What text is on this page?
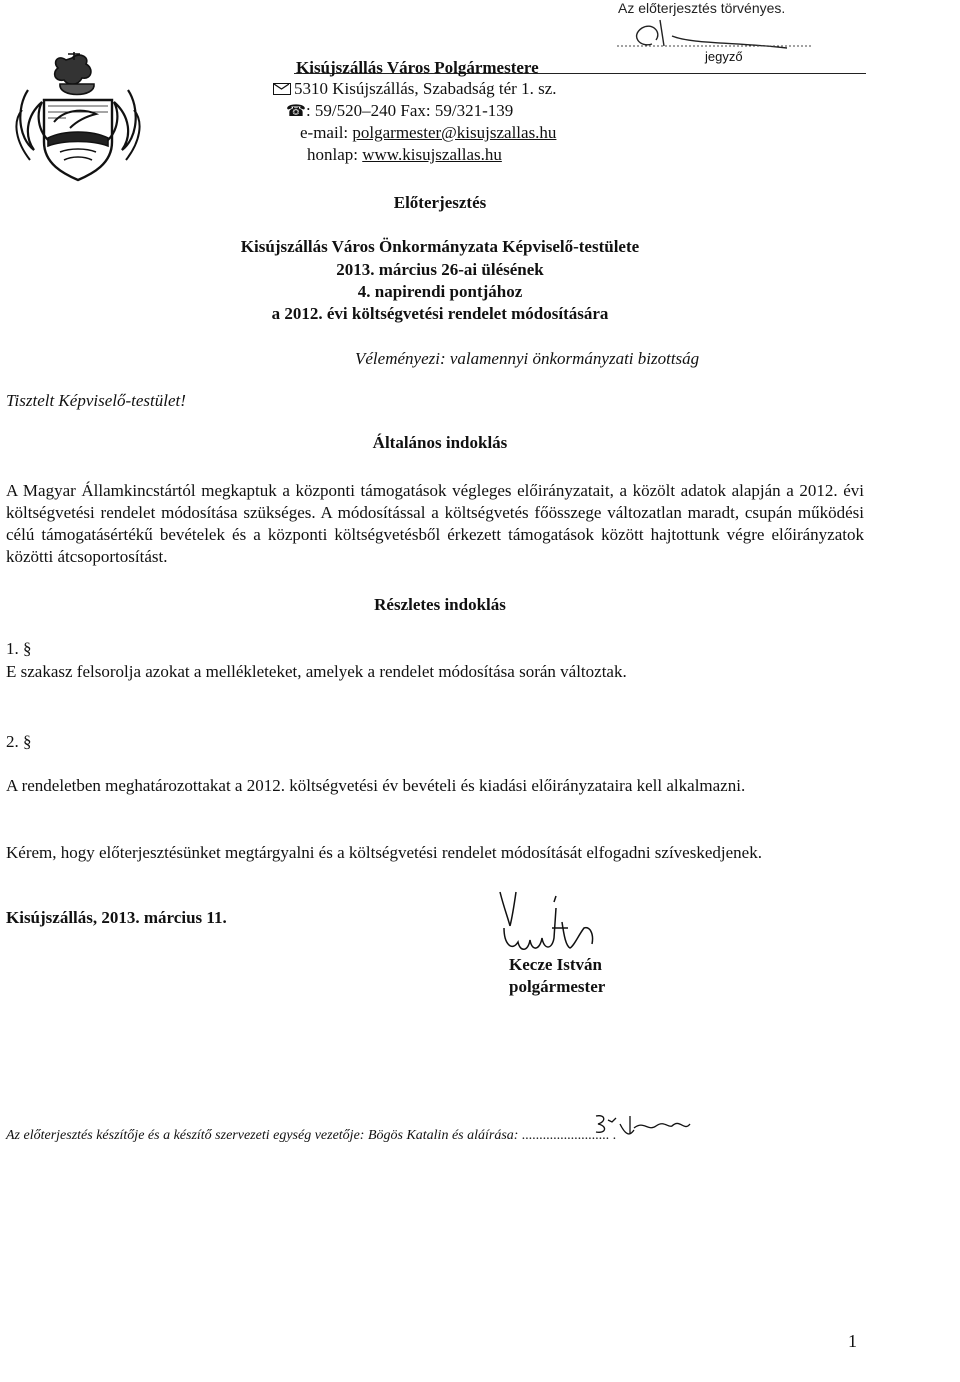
Az előterjesztés törvényes.
jegyző
Kisújszállás Város Polgármestere
5310 Kisújszállás, Szabadság tér 1. sz.
☎: 59/520–240 Fax: 59/321-139
e-mail: polgarmester@kisujszallas.hu
honlap: www.kisujszallas.hu
Előterjesztés
Kisújszállás Város Önkormányzata Képviselő-testülete
2013. március 26-ai ülésének
4. napirendi pontjához
a 2012. évi költségvetési rendelet módosítására
Véleményezi: valamennyi önkormányzati bizottság
Tisztelt Képviselő-testület!
Általános indoklás
A Magyar Államkincstártól megkaptuk a központi támogatások végleges előirányzatait, a közölt adatok alapján a 2012. évi költségvetési rendelet módosítása szükséges. A módosítással a költségvetés főösszege változatlan maradt, csupán működési célú támogatásértékű bevételek és a központi költségvetésből érkezett támogatások között hajtottunk végre előirányzatok közötti átcsoportosítást.
Részletes indoklás
1. §
E szakasz felsorolja azokat a mellékleteket, amelyek a rendelet módosítása során változtak.
2. §
A rendeletben meghatározottakat a 2012. költségvetési év bevételi és kiadási előirányzataira kell alkalmazni.
Kérem, hogy előterjesztésünket megtárgyalni és a költségvetési rendelet módosítását elfogadni szíveskedjenek.
Kisújszállás, 2013. március 11.
Kecze István
polgármester
Az előterjesztés készítője és a készítő szervezeti egység vezetője: Bögös Katalin és aláírása: ......................... .
1
